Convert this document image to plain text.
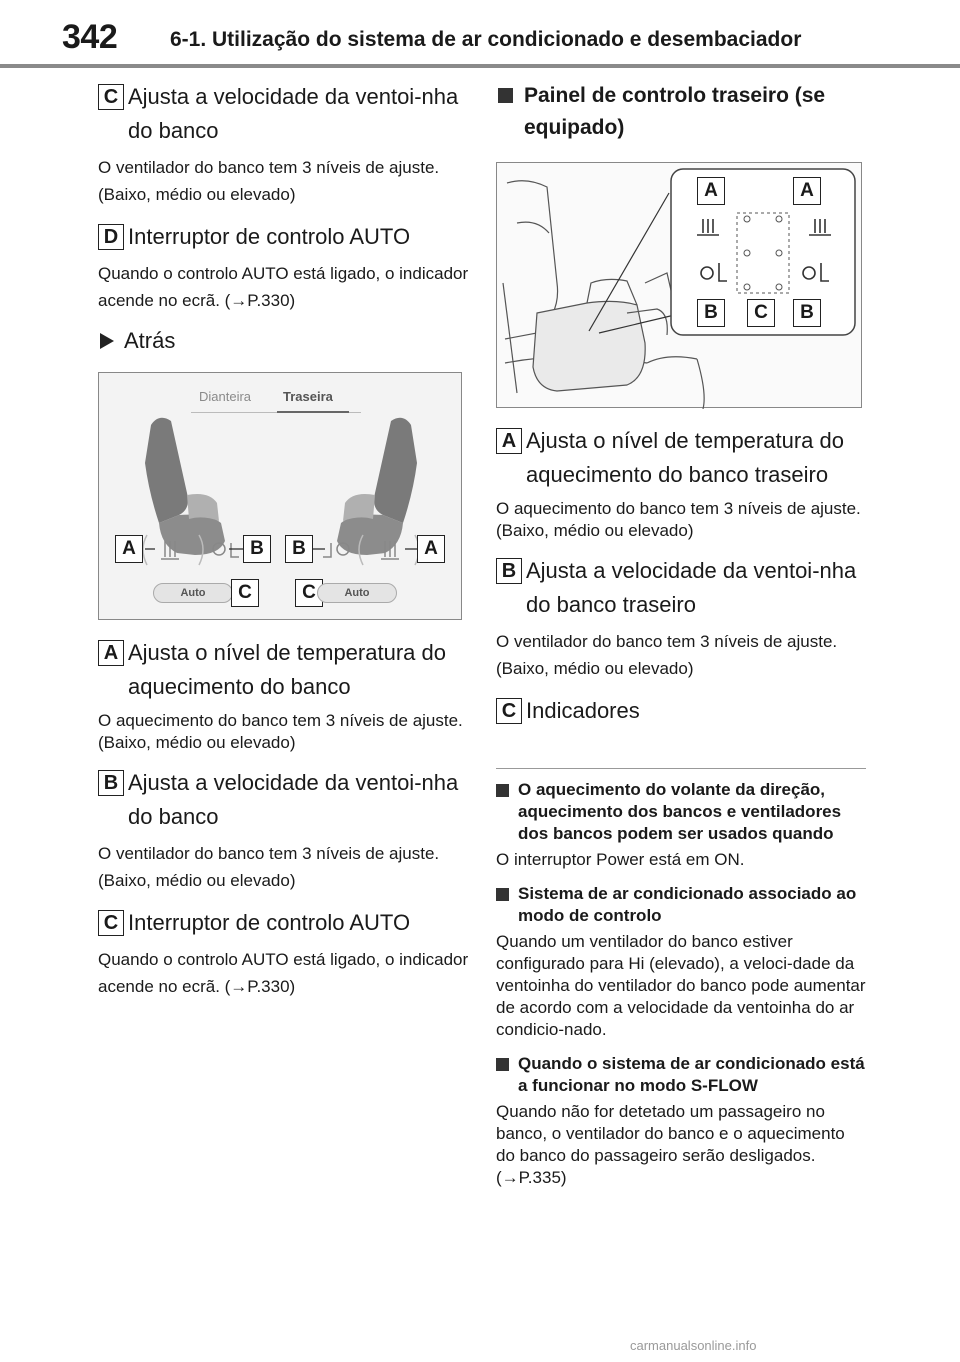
342	6-1. Utilização do sistema de ar condicionado e desembaciador
C Ajusta a velocidade da ventoi-nha do banco
O ventilador do banco tem 3 níveis de ajuste. (Baixo, médio ou elevado)
D Interruptor de controlo AUTO
Quando o controlo AUTO está ligado, o indicador acende no ecrã. (→P.330)
Atrás
Dianteira Traseira
A	B	B	A
Auto	C	C	Auto
A Ajusta o nível de temperatura do aquecimento do banco
O aquecimento do banco tem 3 níveis de ajuste. (Baixo, médio ou elevado)
B Ajusta a velocidade da ventoi-nha do banco
O ventilador do banco tem 3 níveis de ajuste. (Baixo, médio ou elevado)
C Interruptor de controlo AUTO
Quando o controlo AUTO está ligado, o indicador acende no ecrã. (→P.330)
Painel de controlo traseiro (se equipado)
A	A
B	C	B
A Ajusta o nível de temperatura do aquecimento do banco traseiro
O aquecimento do banco tem 3 níveis de ajuste. (Baixo, médio ou elevado)
B Ajusta a velocidade da ventoi-nha do banco traseiro
O ventilador do banco tem 3 níveis de ajuste. (Baixo, médio ou elevado)
C Indicadores
O aquecimento do volante da direção, aquecimento dos bancos e ventiladores dos bancos podem ser usados quando
O interruptor Power está em ON.
Sistema de ar condicionado associado ao modo de controlo
Quando um ventilador do banco estiver configurado para Hi (elevado), a veloci-dade da ventoinha do ventilador do banco pode aumentar de acordo com a velocidade da ventoinha do ar condicio-nado.
Quando o sistema de ar condicionado está a funcionar no modo S-FLOW
Quando não for detetado um passageiro no banco, o ventilador do banco e o aquecimento do banco do passageiro serão desligados. (→P.335)
carmanualsonline.info
